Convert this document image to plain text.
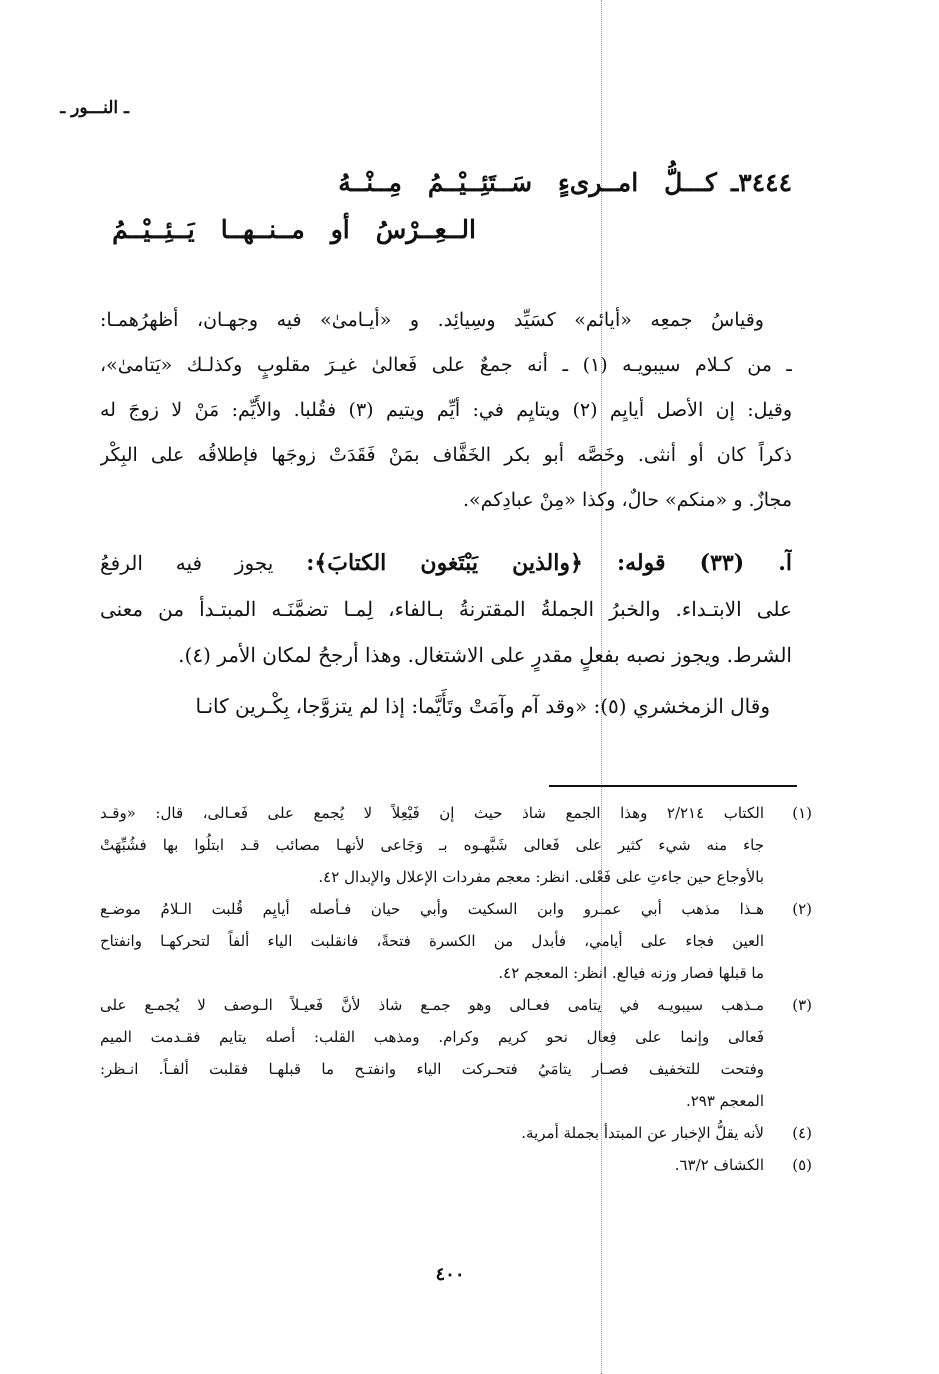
ـ النـــور ـ
٣٤٤٤ـكـــلُّامــرىءٍسَــتَئِــيْــمُمِــنْــهُ
الــعِــرْسُأومــنــهــايَــئِــيْــمُ
وقياسُ جمعِه «أيائم» كسَيِّد وسِيائِد. و «أيـامىٰ» فيه وجهـان، أظهرُهمـا:
ـ من كـلام سيبويـه (١) ـ أنه جمعٌ على فَعالىٰ غيـرَ مقلوبٍ وكذلـك «يَتامىٰ»،
وقيل: إن الأصل أيايِم (٢) ويتايِم في: أيِّم ويتيم (٣) فقُلبا. والأَيِّم: مَنْ لا زوجَ له
ذكراً كان أو أنثى. وخَصَّه أبو بكر الخَفَّاف بمَنْ فَقَدَتْ زوجَها فإطلاقُه على البِكْر
مجازٌ. و «منكم» حالٌ، وكذا «مِنْ عبادِكم».
آ. (٣٣) قوله: ﴿والذين يَبْتَغون الكتابَ﴾: يجوز فيه الرفعُ
على الابتـداء. والخبرُ الجملةُ المقترنةُ بـالفاء، لِمـا تضمَّنَـه المبتـدأ من معنى
الشرط. ويجوز نصبه بفعلٍ مقدرٍ على الاشتغال. وهذا أرجحُ لمكان الأمر (٤).
وقال الزمخشري (٥): «وقد آم وآمَتْ وتَأَيَّما: إذا لم يتزوَّجا، بِكْـرين كانـا
(١)
الكتاب ٢/٢١٤ وهذا الجمع شاذ حيث إن فَيْعِلاً لا يُجمع على فَعـالى، قال: «وقـد
جاء منه شيء كثير على فَعالى شَبَّهـوه بـ وَجَاعى لأنهـا مصائب قـد ابتلُوا بها فشُبِّهَتْ
بالأوجاع حين جاءتِ على فَعْلى. انظر: معجم مفردات الإعلال والإبدال ٤٢.
(٢)
هـذا مذهب أبي عمـرو وابن السكيت وأبي حيان فـأصله أيايِم قُلبت الـلامُ موضـع
العين فجاء على أيامي، فأبدل من الكسرة فتحةً، فانقلبت الياء ألفاً لتحركهـا وانفتاح
ما قبلها فصار وزنه فيالع. انظر: المعجم ٤٢.
(٣)
مـذهب سيبويـه في يتامى فعـالى وهو جمـع شاذ لأنَّ فَعيـلاً الـوصف لا يُجمـع على
فَعالى وإنما على فِعال نحو كريم وكرام. ومذهب القلب: أصله يتايم فقـدمت الميم
وفتحت للتخفيف فصـار يتامَيُ فتحـركت الياء وانفتـح ما قبلهـا فقلبت ألفـاً. انـظر:
المعجم ٢٩٣.
(٤)
لأنه يقلُّ الإخبار عن المبتدأ بجملة أمرية.
(٥)
الكشاف ٦٣/٢.
٤٠٠
